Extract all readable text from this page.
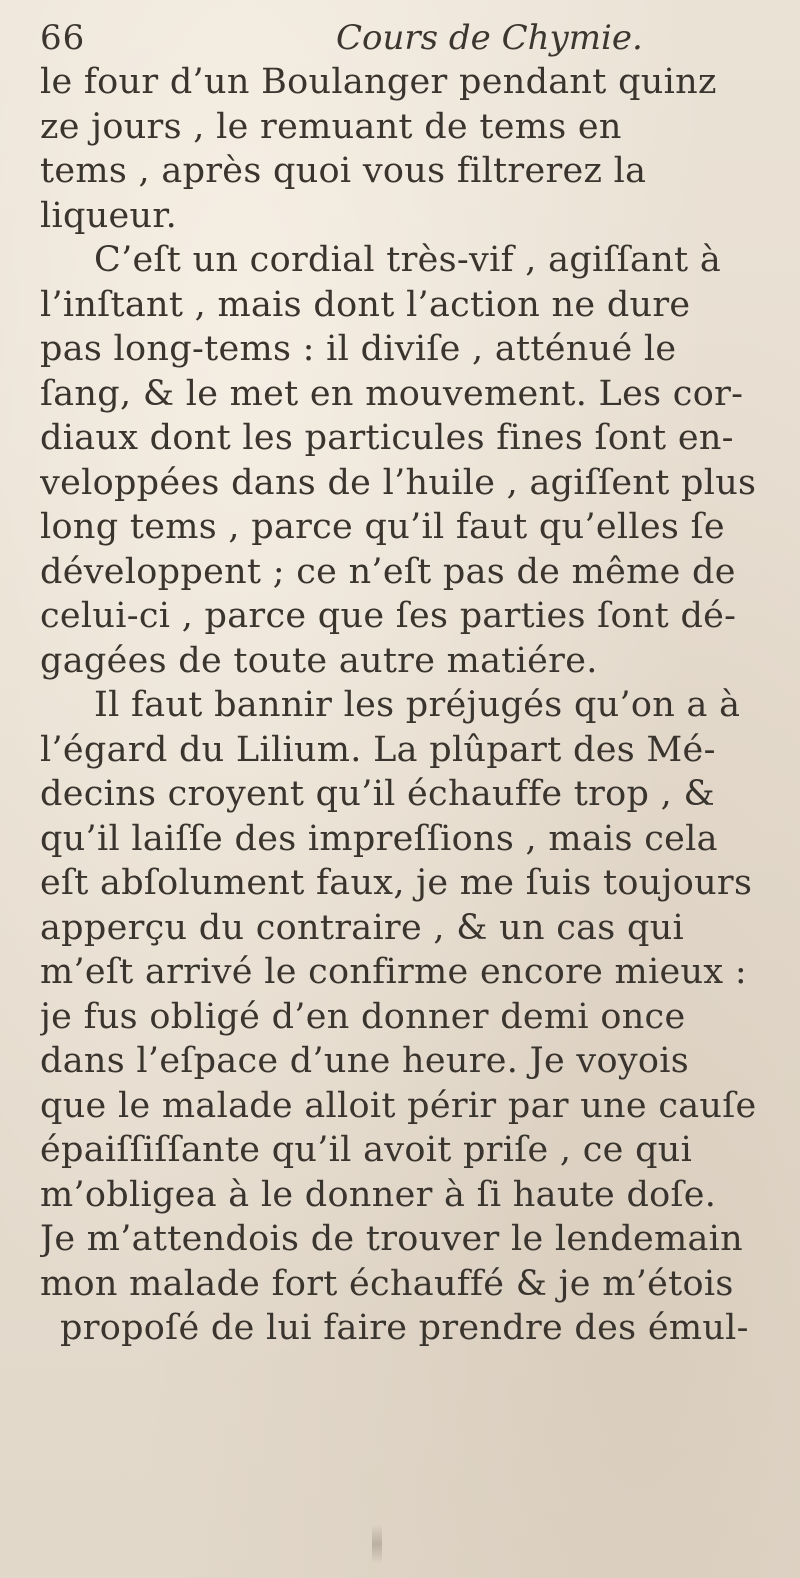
66	Cours de Chymie.
le four d’un Boulanger pendant quinz
ze jours , le remuant de tems en
tems , après quoi vous filtrerez la
liqueur.
C’eſt un cordial très-vif , agiſſant à
l’inſtant , mais dont l’action ne dure
pas long-tems : il diviſe , atténué le
ſang, & le met en mouvement. Les cor-
diaux dont les particules fines ſont en-
veloppées dans de l’huile , agiſſent plus
long tems , parce qu’il faut qu’elles ſe
développent ; ce n’eſt pas de même de
celui-ci , parce que ſes parties ſont dé-
gagées de toute autre matiére.
Il faut bannir les préjugés qu’on a à
l’égard du Lilium. La plûpart des Mé-
decins croyent qu’il échauffe trop , &
qu’il laiſſe des impreſſions , mais cela
eſt abſolument faux, je me ſuis toujours
apperçu du contraire , & un cas qui
m’eſt arrivé le confirme encore mieux :
je fus obligé d’en donner demi once
dans l’eſpace d’une heure. Je voyois
que le malade alloit périr par une cauſe
épaiſſiſſante qu’il avoit priſe , ce qui
m’obligea à le donner à ſi haute doſe.
Je m’attendois de trouver le lendemain
mon malade fort échauffé & je m’étois
propoſé de lui faire prendre des émul-
